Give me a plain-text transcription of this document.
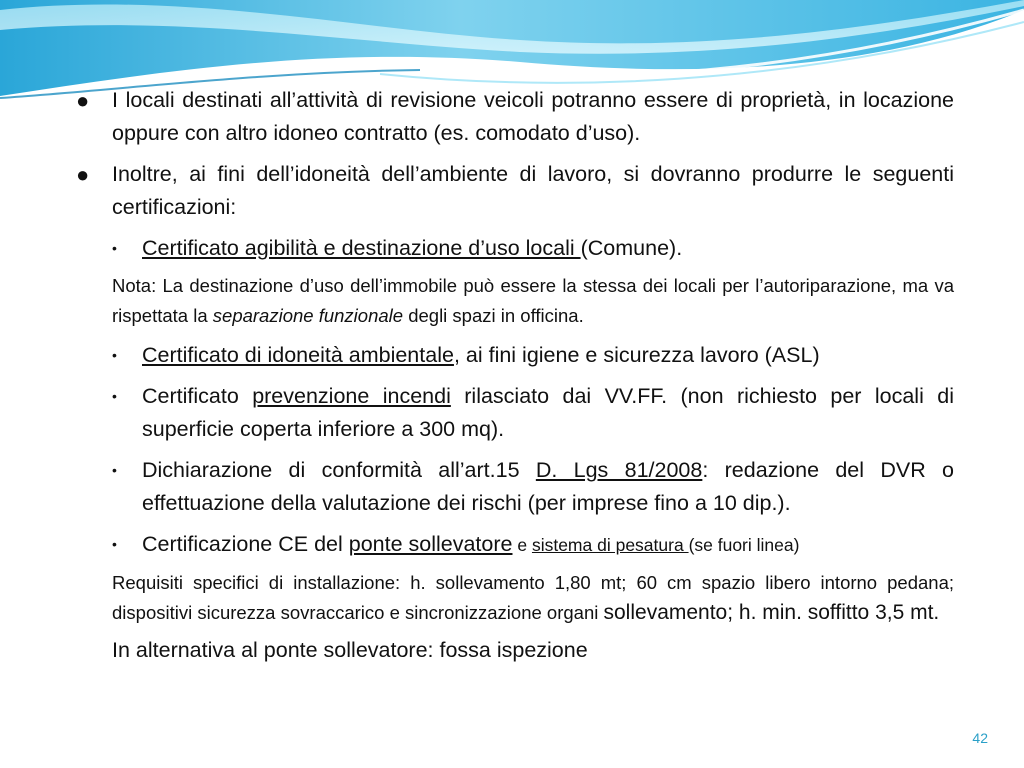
● I locali destinati all’attività di revisione veicoli potranno essere di proprietà, in locazione oppure con altro idoneo contratto (es. comodato d’uso).
● Inoltre, ai fini dell’idoneità dell’ambiente di lavoro, si dovranno produrre le seguenti certificazioni:
• Certificato agibilità e destinazione d’uso locali (Comune).
Nota: La destinazione d’uso dell’immobile può essere la stessa dei locali per l’autoriparazione, ma va rispettata la separazione funzionale degli spazi in officina.
• Certificato di idoneità ambientale, ai fini igiene e sicurezza lavoro (ASL)
• Certificato prevenzione incendi rilasciato dai VV.FF. (non richiesto per locali di superficie coperta inferiore a 300 mq).
• Dichiarazione di conformità all’art.15 D. Lgs 81/2008: redazione del DVR o effettuazione della valutazione dei rischi (per imprese fino a 10 dip.).
• Certificazione CE del ponte sollevatore e sistema di pesatura (se fuori linea)
Requisiti specifici di installazione: h. sollevamento 1,80 mt; 60 cm spazio libero intorno pedana; dispositivi sicurezza sovraccarico e sincronizzazione organi sollevamento; h. min. soffitto 3,5 mt.
In alternativa al ponte sollevatore: fossa ispezione
42
